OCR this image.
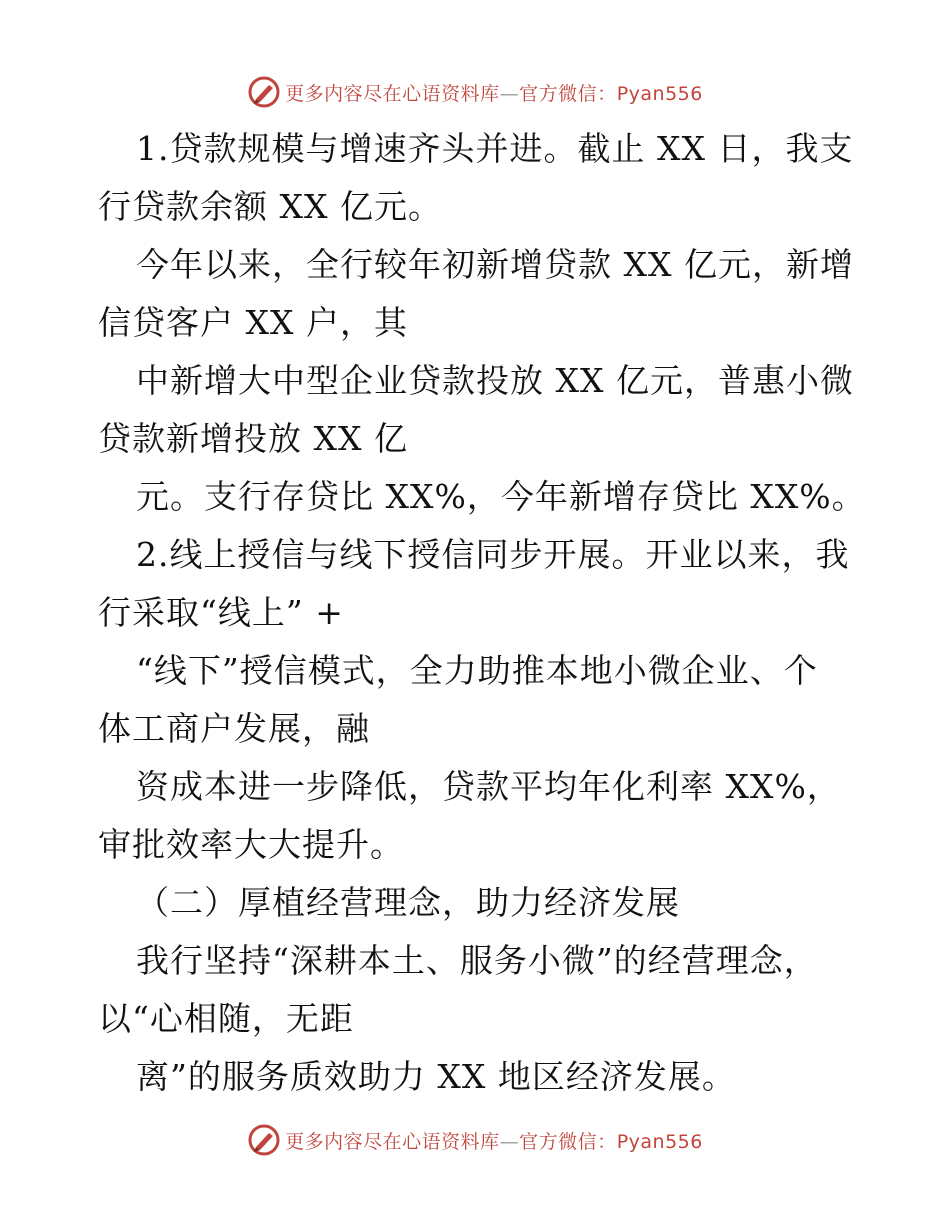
更多内容尽在心语资料库—官方微信：Pyan556
1.贷款规模与增速齐头并进。截止 XX 日，我支
行贷款余额 XX 亿元。
今年以来，全行较年初新增贷款 XX 亿元，新增
信贷客户 XX 户，其
中新增大中型企业贷款投放 XX 亿元，普惠小微
贷款新增投放 XX 亿
元。支行存贷比 XX%，今年新增存贷比 XX%。
2.线上授信与线下授信同步开展。开业以来，我
行采取“线上” +
“线下”授信模式，全力助推本地小微企业、个
体工商户发展，融
资成本进一步降低，贷款平均年化利率 XX%，
审批效率大大提升。
（二）厚植经营理念，助力经济发展
我行坚持“深耕本土、服务小微”的经营理念，
以“心相随，无距
离”的服务质效助力 XX 地区经济发展。
更多内容尽在心语资料库—官方微信：Pyan556
